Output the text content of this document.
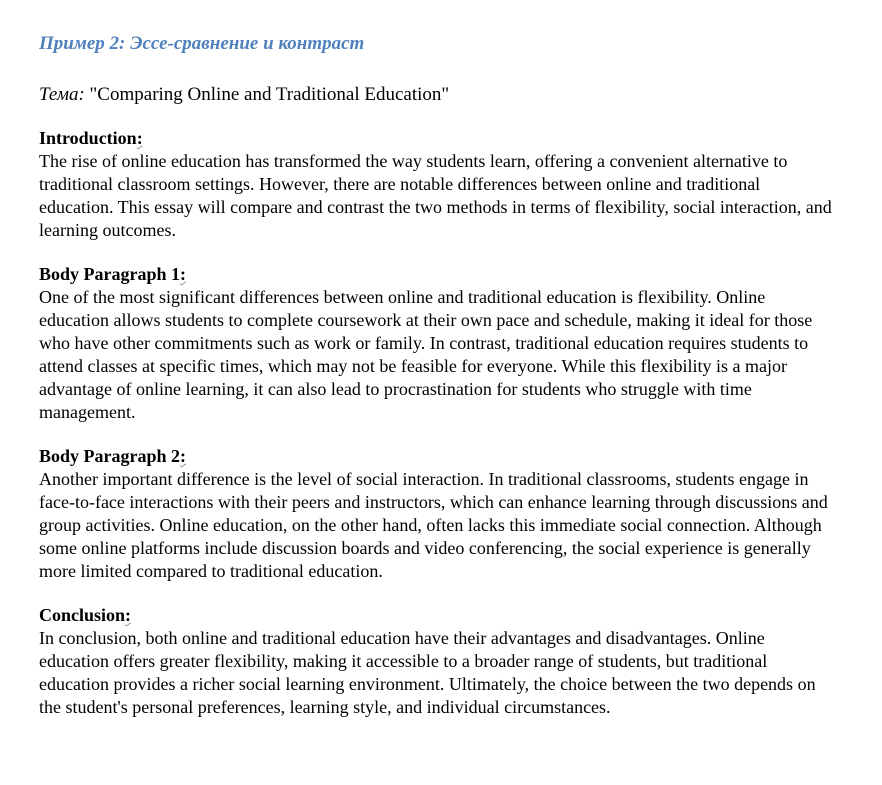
Пример 2: Эссе-сравнение и контраст

Тема: "Comparing Online and Traditional Education"

Introduction:

The rise of online education has transformed the way students learn, offering a convenient alternative to traditional classroom settings. However, there are notable differences between online and traditional education. This essay will compare and contrast the two methods in terms of flexibility, social interaction, and learning outcomes.

Body Paragraph 1:

One of the most significant differences between online and traditional education is flexibility. Online education allows students to complete coursework at their own pace and schedule, making it ideal for those who have other commitments such as work or family. In contrast, traditional education requires students to attend classes at specific times, which may not be feasible for everyone. While this flexibility is a major advantage of online learning, it can also lead to procrastination for students who struggle with time management.

Body Paragraph 2:

Another important difference is the level of social interaction. In traditional classrooms, students engage in face-to-face interactions with their peers and instructors, which can enhance learning through discussions and group activities. Online education, on the other hand, often lacks this immediate social connection. Although some online platforms include discussion boards and video conferencing, the social experience is generally more limited compared to traditional education.

Conclusion:

In conclusion, both online and traditional education have their advantages and disadvantages. Online education offers greater flexibility, making it accessible to a broader range of students, but traditional education provides a richer social learning environment. Ultimately, the choice between the two depends on the student's personal preferences, learning style, and individual circumstances.
